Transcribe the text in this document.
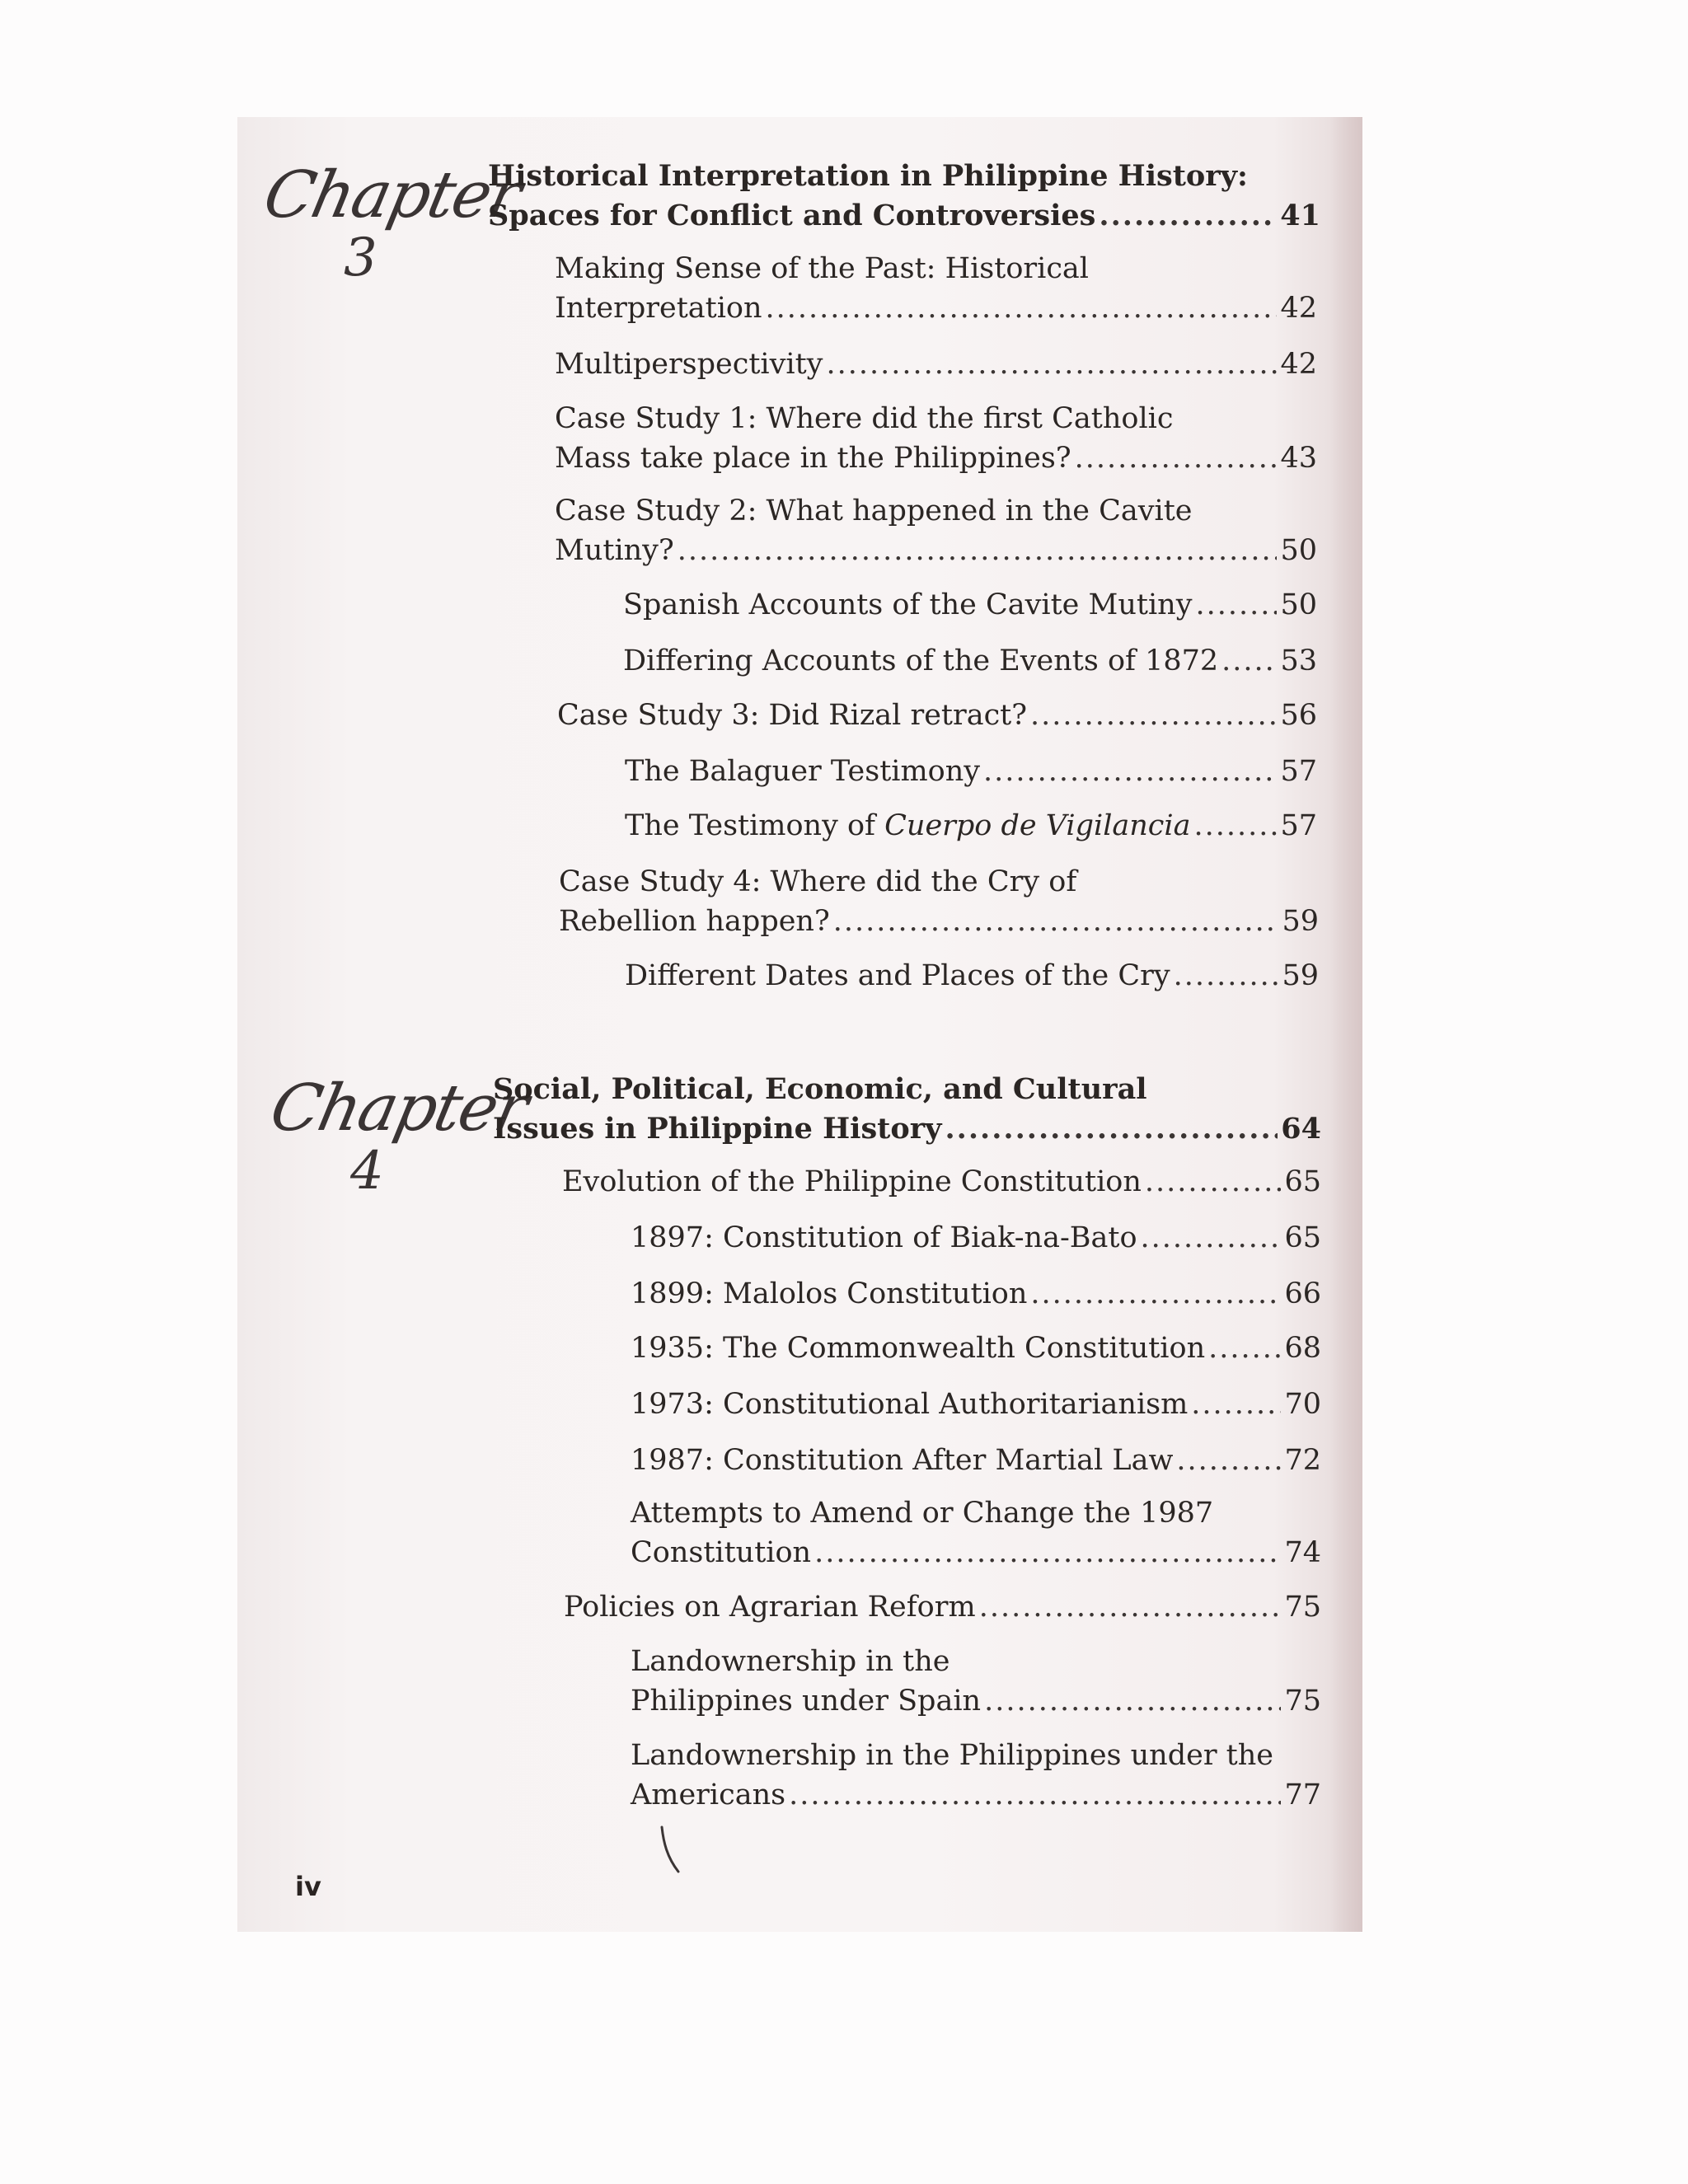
Chapter
3
Historical Interpretation in Philippine History:
Spaces for Conflict and Controversies .....	41
Making Sense of the Past: Historical
Interpretation .....	42
Multiperspectivity .....	42
Case Study 1: Where did the first Catholic
Mass take place in the Philippines? .....	43
Case Study 2: What happened in the Cavite
Mutiny? .....	50
Spanish Accounts of the Cavite Mutiny .....	50
Differing Accounts of the Events of 1872 ..... 53
Case Study 3: Did Rizal retract? .....	56
The Balaguer Testimony .....	57
The Testimony of Cuerpo de Vigilancia .....	57
Case Study 4: Where did the Cry of
Rebellion happen? .....	59
Different Dates and Places of the Cry .....	59
Chapter
4
Social, Political, Economic, and Cultural
Issues in Philippine History .....	64
Evolution of the Philippine Constitution .....	65
1897: Constitution of Biak-na-Bato .....	65
1899: Malolos Constitution .....	66
1935: The Commonwealth Constitution .....	68
1973: Constitutional Authoritarianism .....	70
1987: Constitution After Martial Law .....	72
Attempts to Amend or Change the 1987
Constitution .....	74
Policies on Agrarian Reform .....	75
Landownership in the
Philippines under Spain .....	75
Landownership in the Philippines under the
Americans .....	77
iv
